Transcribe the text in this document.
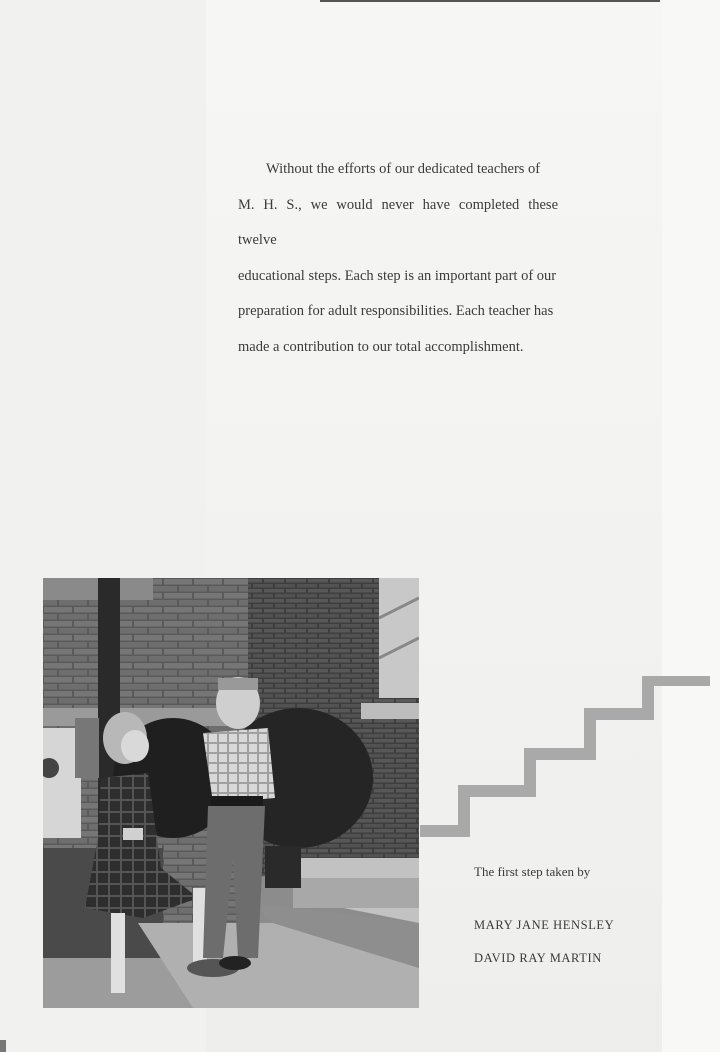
Without the efforts of our dedicated teachers of

M. H. S., we would never have completed these twelve

educational steps. Each step is an important part of our

preparation for adult responsibilities. Each teacher has

made a contribution to our total accomplishment.

The first step taken by
MARY JANE HENSLEY
DAVID RAY MARTIN
